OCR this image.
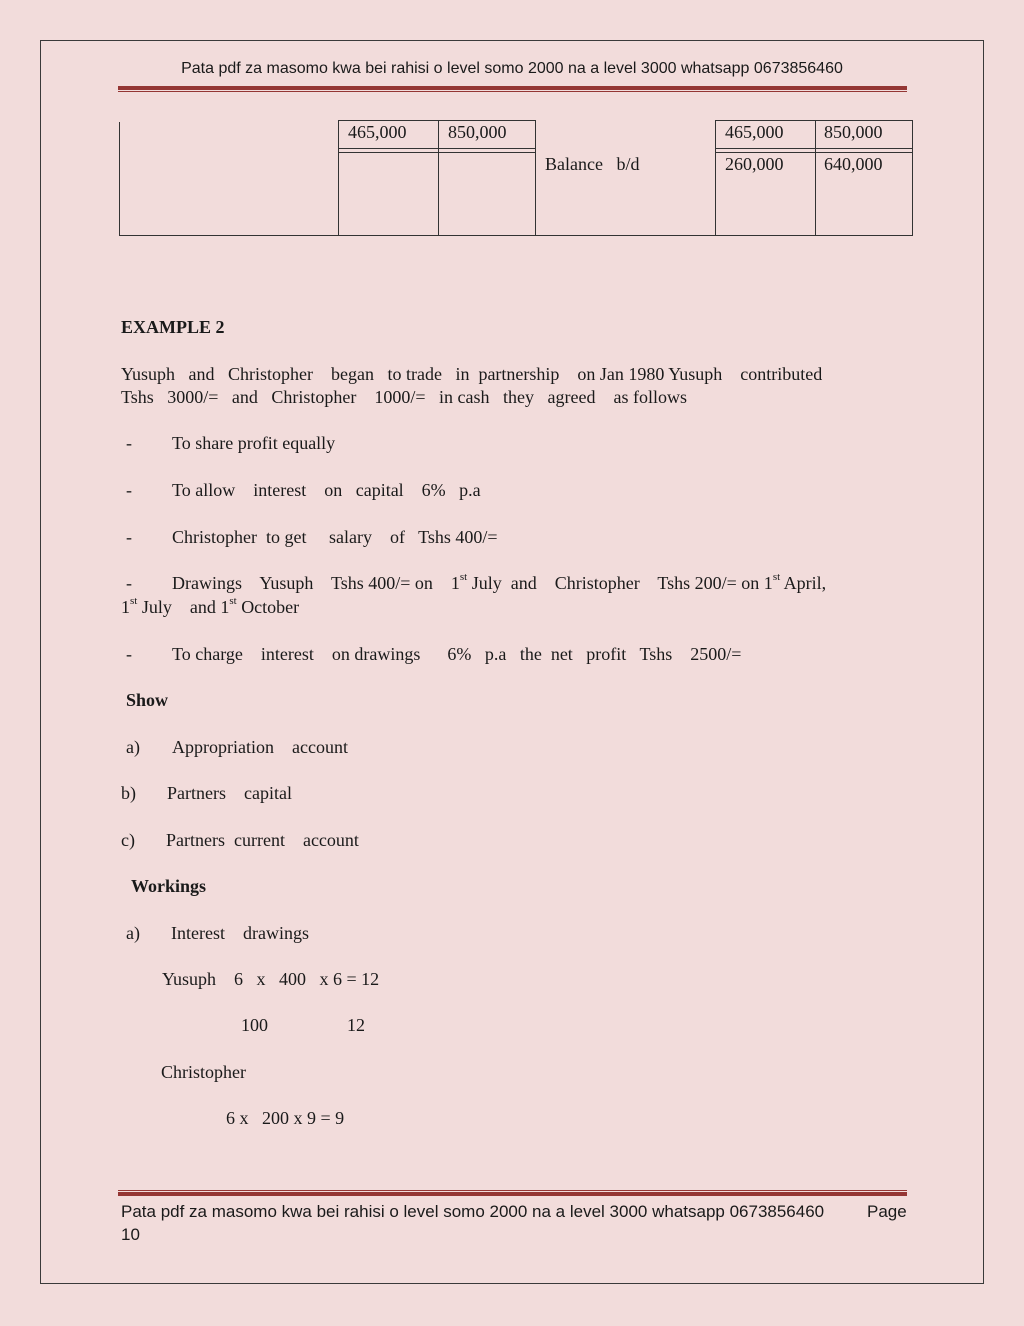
Pata pdf za masomo kwa bei rahisi o level somo 2000 na a level 3000 whatsapp 0673856460
465,000 850,000
Balance   b/d
465,000 850,000
260,000 640,000
EXAMPLE 2
Yusuph   and   Christopher    began   to trade   in  partnership    on Jan 1980 Yusuph    contributed
Tshs   3000/=   and   Christopher    1000/=   in cash   they   agreed    as follows
- To share profit equally
- To allow    interest    on   capital    6%   p.a
- Christopher  to get     salary    of   Tshs 400/=
- Drawings    Yusuph    Tshs 400/= on    1st July  and    Christopher    Tshs 200/= on 1st April,
1st July    and 1st October
- To charge    interest    on drawings      6%   p.a   the  net   profit   Tshs    2500/=
Show
a) Appropriation    account
b) Partners    capital
c) Partners  current    account
Workings
a) Interest    drawings
Yusuph    6   x   400   x 6 = 12
100	12
Christopher
6 x   200 x 9 = 9
Pata pdf za masomo kwa bei rahisi o level somo 2000 na a level 3000 whatsapp 0673856460	Page
10
